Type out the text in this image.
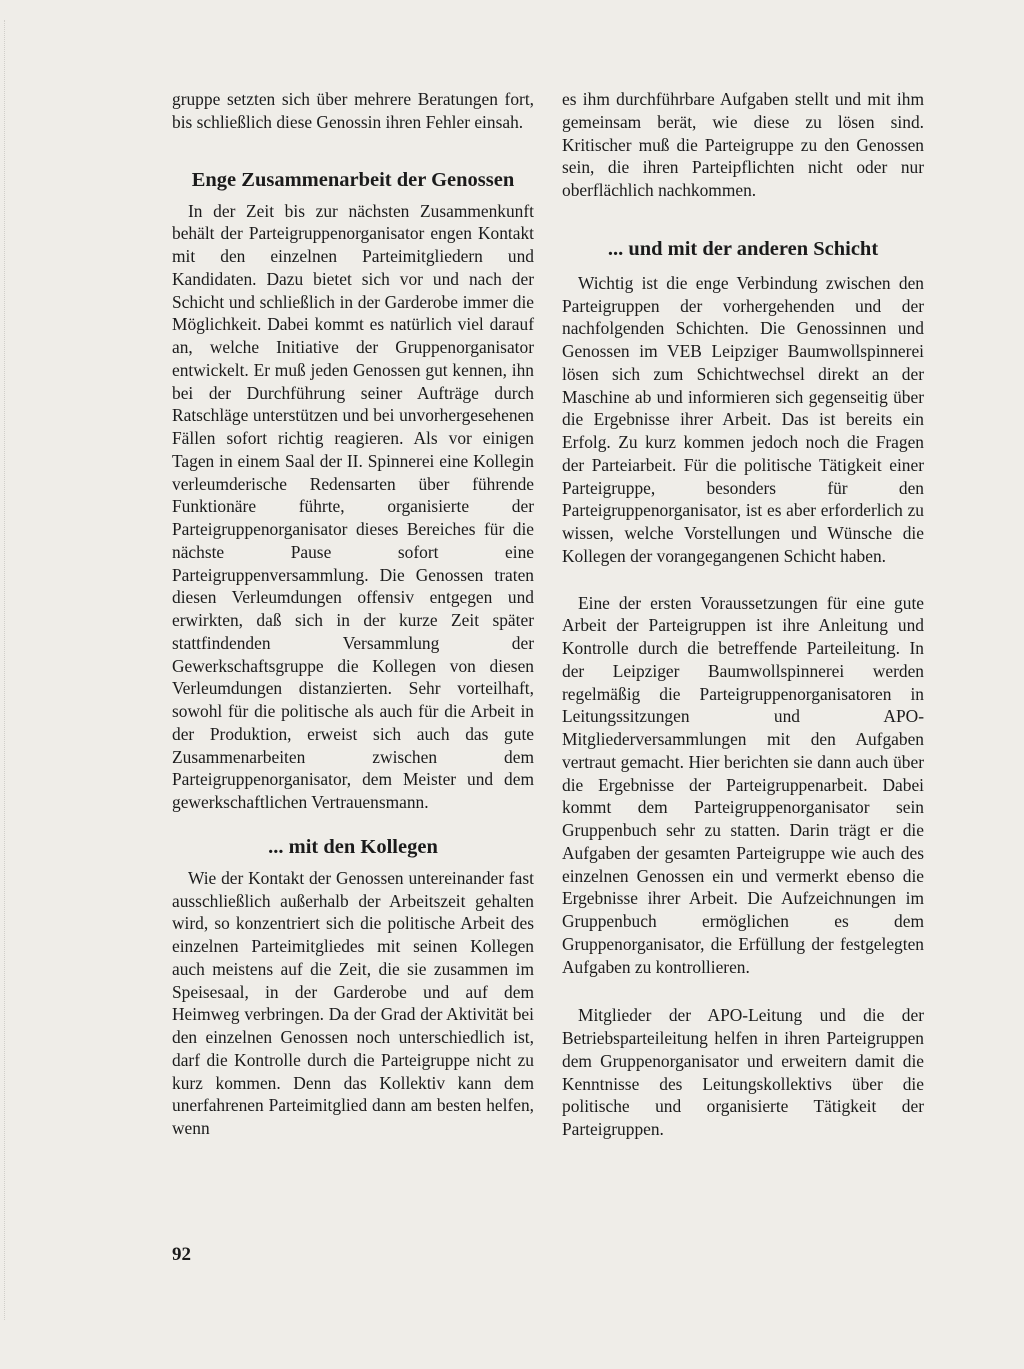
gruppe setzten sich über mehrere Beratungen fort, bis schließlich diese Genossin ihren Fehler einsah.

Enge Zusammenarbeit der Genossen

In der Zeit bis zur nächsten Zusammenkunft behält der Parteigruppenorganisator engen Kontakt mit den einzelnen Parteimitgliedern und Kandidaten. Dazu bietet sich vor und nach der Schicht und schließlich in der Garderobe immer die Möglichkeit. Dabei kommt es natürlich viel darauf an, welche Initiative der Gruppenorganisator entwickelt. Er muß jeden Genossen gut kennen, ihn bei der Durchführung seiner Aufträge durch Ratschläge unterstützen und bei unvorhergesehenen Fällen sofort richtig reagieren. Als vor einigen Tagen in einem Saal der II. Spinnerei eine Kollegin verleumderische Redensarten über führende Funktionäre führte, organisierte der Parteigruppenorganisator dieses Bereiches für die nächste Pause sofort eine Parteigruppenversammlung. Die Genossen traten diesen Verleumdungen offensiv entgegen und erwirkten, daß sich in der kurze Zeit später stattfindenden Versammlung der Gewerkschaftsgruppe die Kollegen von diesen Verleumdungen distanzierten. Sehr vorteilhaft, sowohl für die politische als auch für die Arbeit in der Produktion, erweist sich auch das gute Zusammenarbeiten zwischen dem Parteigruppenorganisator, dem Meister und dem gewerkschaftlichen Vertrauensmann.

... mit den Kollegen

Wie der Kontakt der Genossen untereinander fast ausschließlich außerhalb der Arbeitszeit gehalten wird, so konzentriert sich die politische Arbeit des einzelnen Parteimitgliedes mit seinen Kollegen auch meistens auf die Zeit, die sie zusammen im Speisesaal, in der Garderobe und auf dem Heimweg verbringen. Da der Grad der Aktivität bei den einzelnen Genossen noch unterschiedlich ist, darf die Kontrolle durch die Parteigruppe nicht zu kurz kommen. Denn das Kollektiv kann dem unerfahrenen Parteimitglied dann am besten helfen, wenn

es ihm durchführbare Aufgaben stellt und mit ihm gemeinsam berät, wie diese zu lösen sind. Kritischer muß die Parteigruppe zu den Genossen sein, die ihren Parteipflichten nicht oder nur oberflächlich nachkommen.

... und mit der anderen Schicht

Wichtig ist die enge Verbindung zwischen den Parteigruppen der vorhergehenden und der nachfolgenden Schichten. Die Genossinnen und Genossen im VEB Leipziger Baumwollspinnerei lösen sich zum Schichtwechsel direkt an der Maschine ab und informieren sich gegenseitig über die Ergebnisse ihrer Arbeit. Das ist bereits ein Erfolg. Zu kurz kommen jedoch noch die Fragen der Parteiarbeit. Für die politische Tätigkeit einer Parteigruppe, besonders für den Parteigruppenorganisator, ist es aber erforderlich zu wissen, welche Vorstellungen und Wünsche die Kollegen der vorangegangenen Schicht haben.

Eine der ersten Voraussetzungen für eine gute Arbeit der Parteigruppen ist ihre Anleitung und Kontrolle durch die betreffende Parteileitung. In der Leipziger Baumwollspinnerei werden regelmäßig die Parteigruppenorganisatoren in Leitungssitzungen und APO-Mitgliederversammlungen mit den Aufgaben vertraut gemacht. Hier berichten sie dann auch über die Ergebnisse der Parteigruppenarbeit. Dabei kommt dem Parteigruppenorganisator sein Gruppenbuch sehr zu statten. Darin trägt er die Aufgaben der gesamten Parteigruppe wie auch des einzelnen Genossen ein und vermerkt ebenso die Ergebnisse ihrer Arbeit. Die Aufzeichnungen im Gruppenbuch ermöglichen es dem Gruppenorganisator, die Erfüllung der festgelegten Aufgaben zu kontrollieren.

Mitglieder der APO-Leitung und die der Betriebsparteileitung helfen in ihren Parteigruppen dem Gruppenorganisator und erweitern damit die Kenntnisse des Leitungskollektivs über die politische und organisierte Tätigkeit der Parteigruppen.

92
